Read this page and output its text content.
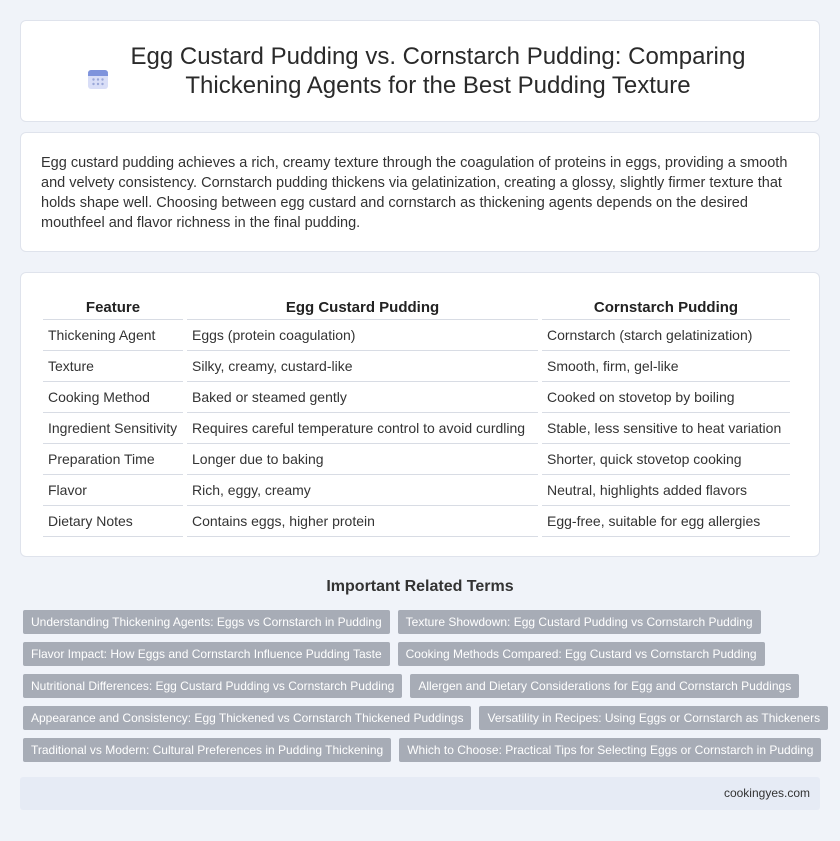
Egg Custard Pudding vs. Cornstarch Pudding: Comparing Thickening Agents for the Best Pudding Texture

Egg custard pudding achieves a rich, creamy texture through the coagulation of proteins in eggs, providing a smooth and velvety consistency. Cornstarch pudding thickens via gelatinization, creating a glossy, slightly firmer texture that holds shape well. Choosing between egg custard and cornstarch as thickening agents depends on the desired mouthfeel and flavor richness in the final pudding.

Feature	Egg Custard Pudding	Cornstarch Pudding
Thickening Agent	Eggs (protein coagulation)	Cornstarch (starch gelatinization)
Texture	Silky, creamy, custard-like	Smooth, firm, gel-like
Cooking Method	Baked or steamed gently	Cooked on stovetop by boiling
Ingredient Sensitivity	Requires careful temperature control to avoid curdling	Stable, less sensitive to heat variation
Preparation Time	Longer due to baking	Shorter, quick stovetop cooking
Flavor	Rich, eggy, creamy	Neutral, highlights added flavors
Dietary Notes	Contains eggs, higher protein	Egg-free, suitable for egg allergies
Important Related Terms
Understanding Thickening Agents: Eggs vs Cornstarch in Pudding	Texture Showdown: Egg Custard Pudding vs Cornstarch Pudding
Flavor Impact: How Eggs and Cornstarch Influence Pudding Taste	Cooking Methods Compared: Egg Custard vs Cornstarch Pudding
Nutritional Differences: Egg Custard Pudding vs Cornstarch Pudding	Allergen and Dietary Considerations for Egg and Cornstarch Puddings
Appearance and Consistency: Egg Thickened vs Cornstarch Thickened Puddings	Versatility in Recipes: Using Eggs or Cornstarch as Thickeners
Traditional vs Modern: Cultural Preferences in Pudding Thickening	Which to Choose: Practical Tips for Selecting Eggs or Cornstarch in Pudding
cookingyes.com
